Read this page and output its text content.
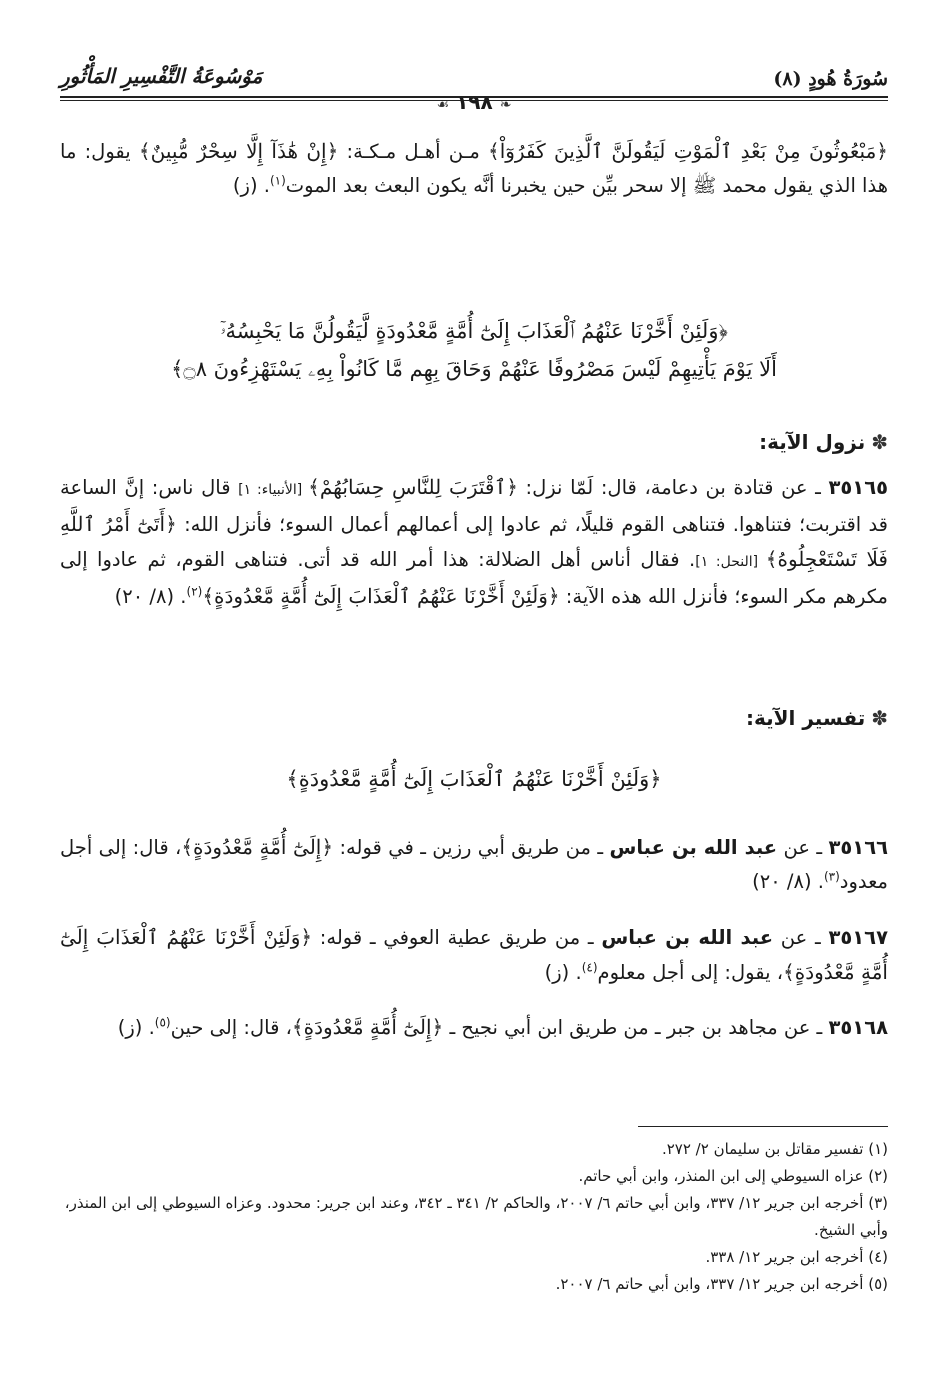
سُورَةُ هُودٍ (٨)
مَوْسُوعَةُ التَّفْسِيرِ المَأْثُورِ
❧ ١٩٨ ☙
﴿مَبْعُوثُونَ مِنْ بَعْدِ ٱلْمَوْتِ لَيَقُولَنَّ ٱلَّذِينَ كَفَرُوٓاْ﴾ مـن أهـل مـكـة: ﴿إِنْ هَٰذَآ إِلَّا سِحْرٌ مُّبِينٌ﴾ يقول: ما هذا الذي يقول محمد ﷺ إلا سحر بيِّن حين يخبرنا أنَّه يكون البعث بعد الموت$^{(١)}$. (ز)
﴿وَلَئِنْ أَخَّرْنَا عَنْهُمُ ٱلْعَذَابَ إِلَىٰٓ أُمَّةٍ مَّعْدُودَةٍ لَّيَقُولُنَّ مَا يَحْبِسُهُۥٓ
أَلَا يَوْمَ يَأْتِيهِمْ لَيْسَ مَصْرُوفًا عَنْهُمْ وَحَاقَ بِهِم مَّا كَانُواْ بِهِۦ يَسْتَهْزِءُونَ ۝٨﴾
✽نزول الآية:
٣٥١٦٥ ـ عن قتادة بن دعامة، قال: لَمّا نزل: ﴿ٱقْتَرَبَ لِلنَّاسِ حِسَابُهُمْ﴾ [الأنبياء: ١] قال ناس: إنَّ الساعة قد اقتربت؛ فتناهوا. فتناهى القوم قليلًا، ثم عادوا إلى أعمالهم أعمال السوء؛ فأنزل الله: ﴿أَتَىٰٓ أَمْرُ ٱللَّهِ فَلَا تَسْتَعْجِلُوهُ﴾ [النحل: ١]. فقال أناس أهل الضلالة: هذا أمر الله قد أتى. فتناهى القوم، ثم عادوا إلى مكرهم مكر السوء؛ فأنزل الله هذه الآية: ﴿وَلَئِنْ أَخَّرْنَا عَنْهُمُ ٱلْعَذَابَ إِلَىٰٓ أُمَّةٍ مَّعْدُودَةٍ﴾$^{(٢)}$. (٨/ ٢٠)
✽تفسير الآية:
﴿وَلَئِنْ أَخَّرْنَا عَنْهُمُ ٱلْعَذَابَ إِلَىٰٓ أُمَّةٍ مَّعْدُودَةٍ﴾
٣٥١٦٦ ـ عن عبد الله بن عباس ـ من طريق أبي رزين ـ في قوله: ﴿إِلَىٰٓ أُمَّةٍ مَّعْدُودَةٍ﴾، قال: إلى أجل معدود$^{(٣)}$. (٨/ ٢٠)
٣٥١٦٧ ـ عن عبد الله بن عباس ـ من طريق عطية العوفي ـ قوله: ﴿وَلَئِنْ أَخَّرْنَا عَنْهُمُ ٱلْعَذَابَ إِلَىٰٓ أُمَّةٍ مَّعْدُودَةٍ﴾، يقول: إلى أجل معلوم$^{(٤)}$. (ز)
٣٥١٦٨ ـ عن مجاهد بن جبر ـ من طريق ابن أبي نجيح ـ ﴿إِلَىٰٓ أُمَّةٍ مَّعْدُودَةٍ﴾، قال: إلى حين$^{(٥)}$. (ز)
(١) تفسير مقاتل بن سليمان ٢/ ٢٧٢.
(٢) عزاه السيوطي إلى ابن المنذر، وابن أبي حاتم.
(٣) أخرجه ابن جرير ١٢/ ٣٣٧، وابن أبي حاتم ٦/ ٢٠٠٧، والحاكم ٢/ ٣٤١ ـ ٣٤٢، وعند ابن جرير: محدود. وعزاه السيوطي إلى ابن المنذر، وأبي الشيخ.
(٤) أخرجه ابن جرير ١٢/ ٣٣٨.
(٥) أخرجه ابن جرير ١٢/ ٣٣٧، وابن أبي حاتم ٦/ ٢٠٠٧.
